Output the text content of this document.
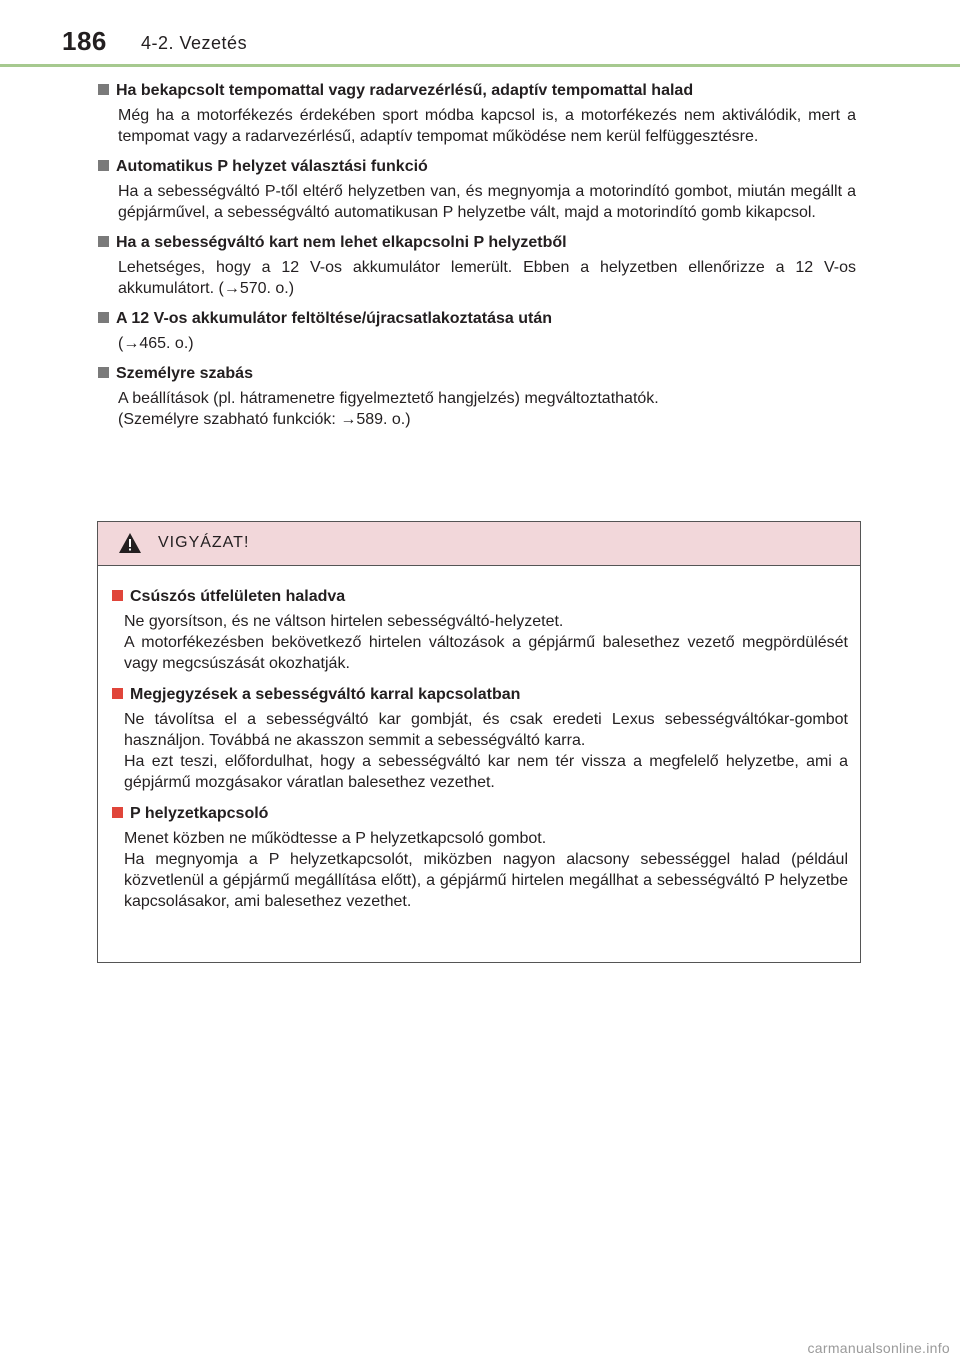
186 4-2. Vezetés
Ha bekapcsolt tempomattal vagy radarvezérlésű, adaptív tempomattal halad

Még ha a motorfékezés érdekében sport módba kapcsol is, a motorfékezés nem aktiválódik, mert a tempomat vagy a radarvezérlésű, adaptív tempomat működése nem kerül felfüggesztésre.

Automatikus P helyzet választási funkció

Ha a sebességváltó P-től eltérő helyzetben van, és megnyomja a motorindító gombot, miután megállt a gépjárművel, a sebességváltó automatikusan P helyzetbe vált, majd a motorindító gomb kikapcsol.

Ha a sebességváltó kart nem lehet elkapcsolni P helyzetből

Lehetséges, hogy a 12 V-os akkumulátor lemerült. Ebben a helyzetben ellenőrizze a 12 V-os akkumulátort. (→570. o.)

A 12 V-os akkumulátor feltöltése/újracsatlakoztatása után

(→465. o.)

Személyre szabás

A beállítások (pl. hátramenetre figyelmeztető hangjelzés) megváltoztathatók.

(Személyre szabható funkciók: →589. o.)

VIGYÁZAT!
Csúszós útfelületen haladva

Ne gyorsítson, és ne váltson hirtelen sebességváltó-helyzetet.

A motorfékezésben bekövetkező hirtelen változások a gépjármű balesethez vezető megpördülését vagy megcsúszását okozhatják.

Megjegyzések a sebességváltó karral kapcsolatban

Ne távolítsa el a sebességváltó kar gombját, és csak eredeti Lexus sebességváltókar-gombot használjon. Továbbá ne akasszon semmit a sebességváltó karra.

Ha ezt teszi, előfordulhat, hogy a sebességváltó kar nem tér vissza a megfelelő helyzetbe, ami a gépjármű mozgásakor váratlan balesethez vezethet.

P helyzetkapcsoló

Menet közben ne működtesse a P helyzetkapcsoló gombot.

Ha megnyomja a P helyzetkapcsolót, miközben nagyon alacsony sebességgel halad (például közvetlenül a gépjármű megállítása előtt), a gépjármű hirtelen megállhat a sebességváltó P helyzetbe kapcsolásakor, ami balesethez vezethet.

carmanualsonline.info
